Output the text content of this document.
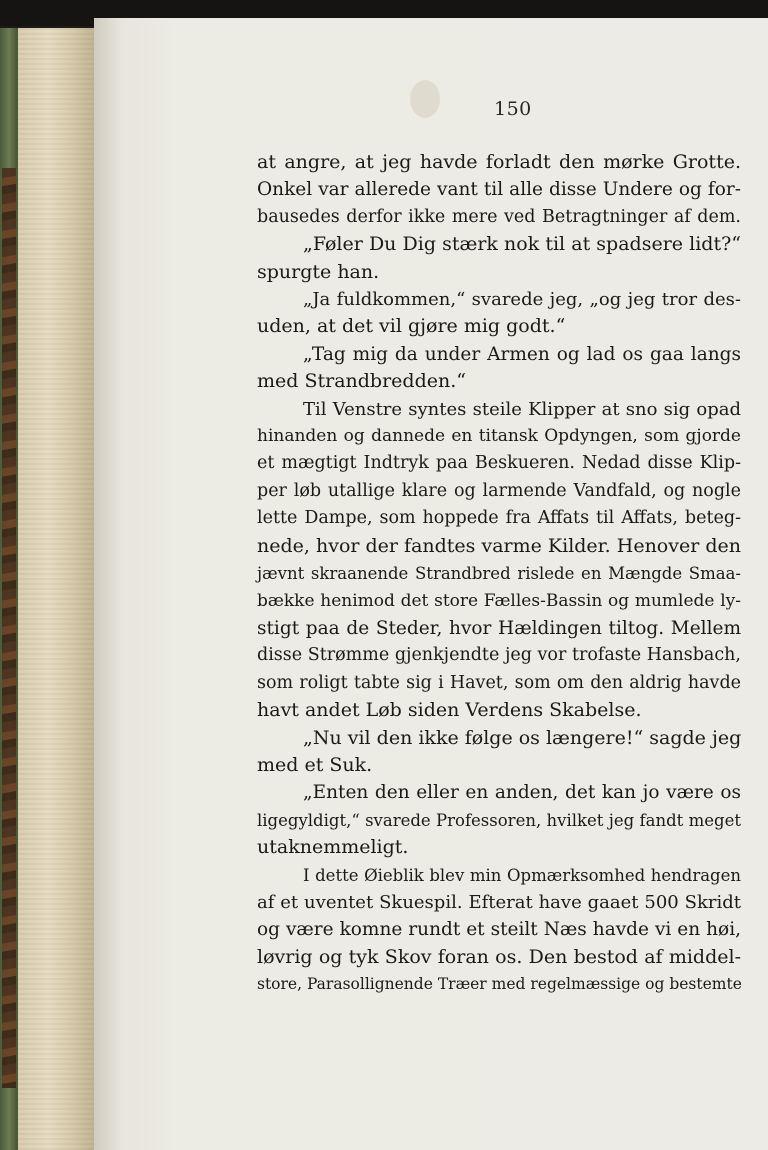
150
at angre, at jeg havde forladt den mørke Grotte.
Onkel var allerede vant til alle disse Undere og for-
bausedes derfor ikke mere ved Betragtninger af dem.
„Føler Du Dig stærk nok til at spadsere lidt?“
spurgte han.
„Ja fuldkommen,“ svarede jeg, „og jeg tror des-
uden, at det vil gjøre mig godt.“
„Tag mig da under Armen og lad os gaa langs
med Strandbredden.“
Til Venstre syntes steile Klipper at sno sig opad
hinanden og dannede en titansk Opdyngen, som gjorde
et mægtigt Indtryk paa Beskueren. Nedad disse Klip-
per løb utallige klare og larmende Vandfald, og nogle
lette Dampe, som hoppede fra Affats til Affats, beteg-
nede, hvor der fandtes varme Kilder. Henover den
jævnt skraanende Strandbred rislede en Mængde Smaa-
bække henimod det store Fælles-Bassin og mumlede ly-
stigt paa de Steder, hvor Hældingen tiltog. Mellem
disse Strømme gjenkjendte jeg vor trofaste Hansbach,
som roligt tabte sig i Havet, som om den aldrig havde
havt andet Løb siden Verdens Skabelse.
„Nu vil den ikke følge os længere!“ sagde jeg
med et Suk.
„Enten den eller en anden, det kan jo være os
ligegyldigt,“ svarede Professoren, hvilket jeg fandt meget
utaknemmeligt.
I dette Øieblik blev min Opmærksomhed hendragen
af et uventet Skuespil. Efterat have gaaet 500 Skridt
og være komne rundt et steilt Næs havde vi en høi,
løvrig og tyk Skov foran os. Den bestod af middel-
store, Parasollignende Træer med regelmæssige og bestemte
